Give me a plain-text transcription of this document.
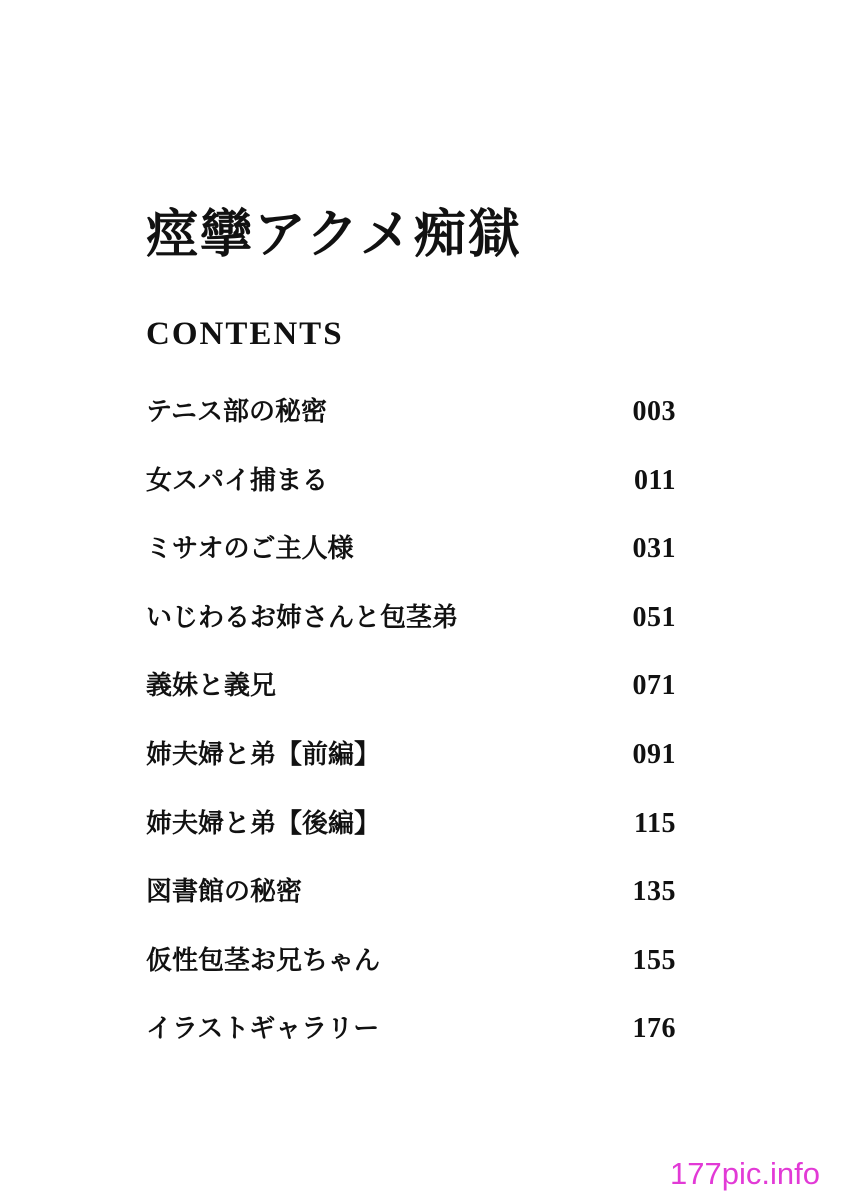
痙攣アクメ痴獄
CONTENTS
テニス部の秘密	003
女スパイ捕まる	011
ミサオのご主人様	031
いじわるお姉さんと包茎弟	051
義妹と義兄	071
姉夫婦と弟【前編】	091
姉夫婦と弟【後編】	115
図書館の秘密	135
仮性包茎お兄ちゃん	155
イラストギャラリー	176
177pic.info
